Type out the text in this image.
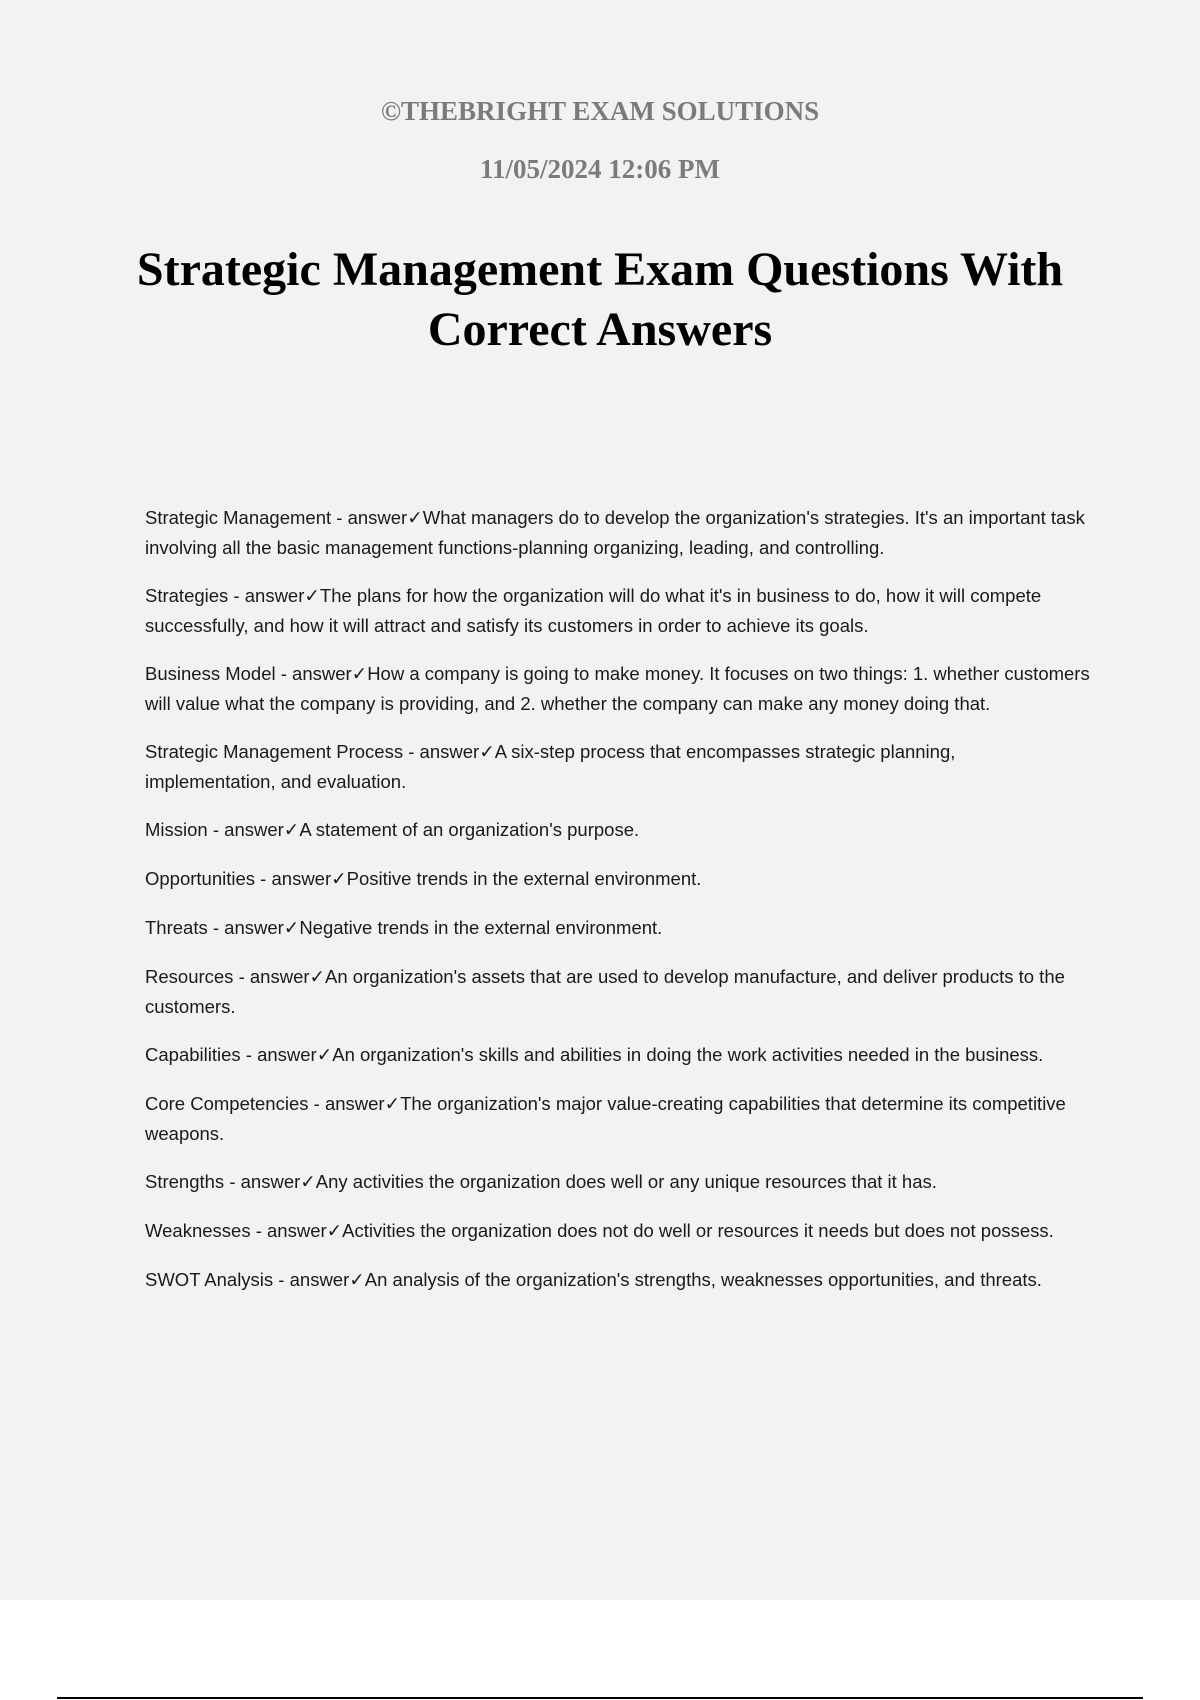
©THEBRIGHT EXAM SOLUTIONS

11/05/2024 12:06 PM

Strategic Management Exam Questions With Correct Answers
Strategic Management - answer✓What managers do to develop the organization's strategies. It's an important task involving all the basic management functions-planning organizing, leading, and controlling.
Strategies - answer✓The plans for how the organization will do what it's in business to do, how it will compete successfully, and how it will attract and satisfy its customers in order to achieve its goals.
Business Model - answer✓How a company is going to make money. It focuses on two things: 1. whether customers will value what the company is providing, and 2. whether the company can make any money doing that.
Strategic Management Process - answer✓A six-step process that encompasses strategic planning, implementation, and evaluation.
Mission - answer✓A statement of an organization's purpose.
Opportunities - answer✓Positive trends in the external environment.
Threats - answer✓Negative trends in the external environment.
Resources - answer✓An organization's assets that are used to develop manufacture, and deliver products to the customers.
Capabilities - answer✓An organization's skills and abilities in doing the work activities needed in the business.
Core Competencies - answer✓The organization's major value-creating capabilities that determine its competitive weapons.
Strengths - answer✓Any activities the organization does well or any unique resources that it has.
Weaknesses - answer✓Activities the organization does not do well or resources it needs but does not possess.
SWOT Analysis - answer✓An analysis of the organization's strengths, weaknesses opportunities, and threats.
